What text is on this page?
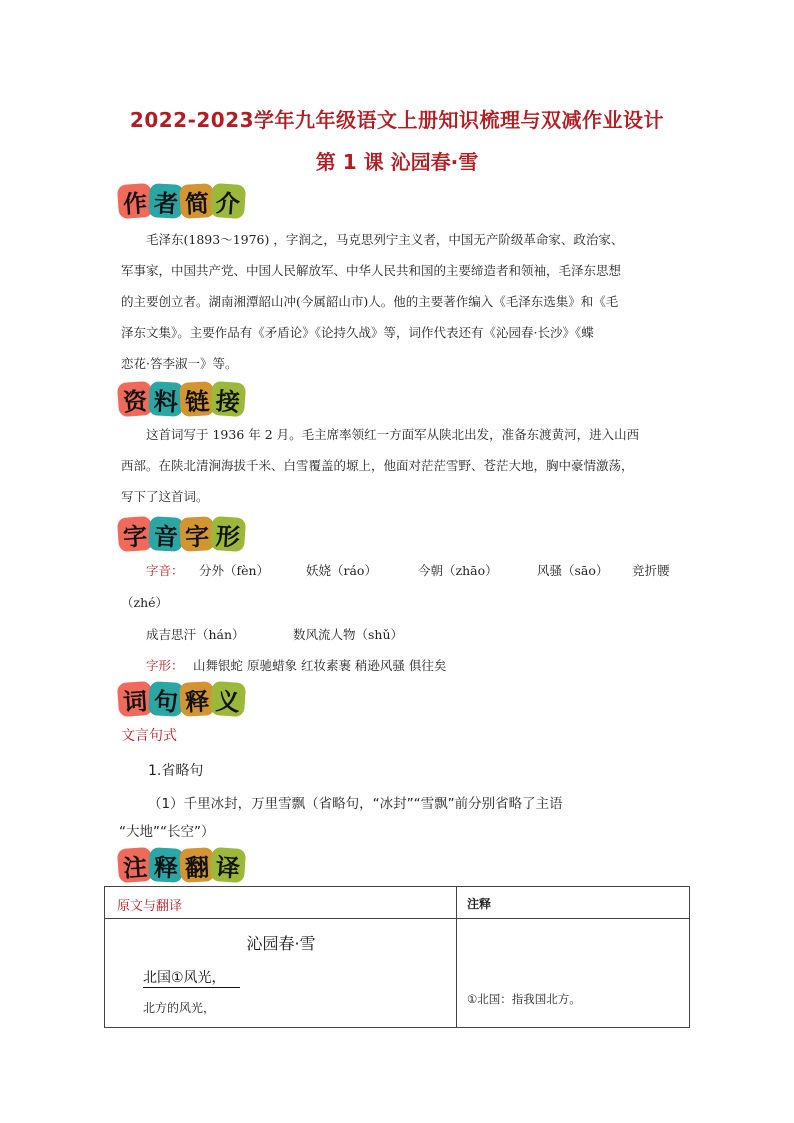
2022-2023学年九年级语文上册知识梳理与双减作业设计
第 1 课 沁园春·雪
作 者 简 介
毛泽东(1893～1976) ，字润之，马克思列宁主义者，中国无产阶级革命家、政治家、
军事家，中国共产党、中国人民解放军、中华人民共和国的主要缔造者和领袖，毛泽东思想
的主要创立者。湖南湘潭韶山冲(今属韶山市)人。他的主要著作编入《毛泽东选集》和《毛
泽东文集》。主要作品有《矛盾论》《论持久战》等，词作代表还有《沁园春·长沙》《蝶
恋花·答李淑一》等。
资 料 链 接
这首词写于 1936 年 2 月。毛主席率领红一方面军从陕北出发，准备东渡黄河，进入山西
西部。在陕北清涧海拔千米、白雪覆盖的塬上，他面对茫茫雪野、苍茫大地，胸中豪情激荡，
写下了这首词。
字 音 字 形
字音： 分外（fèn）	妖娆（ráo）	今朝（zhāo）	风骚（sāo） 竞折腰
（zhé）
成吉思汗（hán）	数风流人物（shǔ）
字形： 山舞银蛇 原驰蜡象 红妆素裹 稍逊风骚 俱往矣
词 句 释 义
文言句式
1.省略句
（1）千里冰封，万里雪飘（省略句，“冰封”“雪飘”前分别省略了主语
“大地”“长空”）
注 释 翻 译
原文与翻译	注释

沁园春·雪
北国①风光，
北方的风光，	①北国：指我国北方。
